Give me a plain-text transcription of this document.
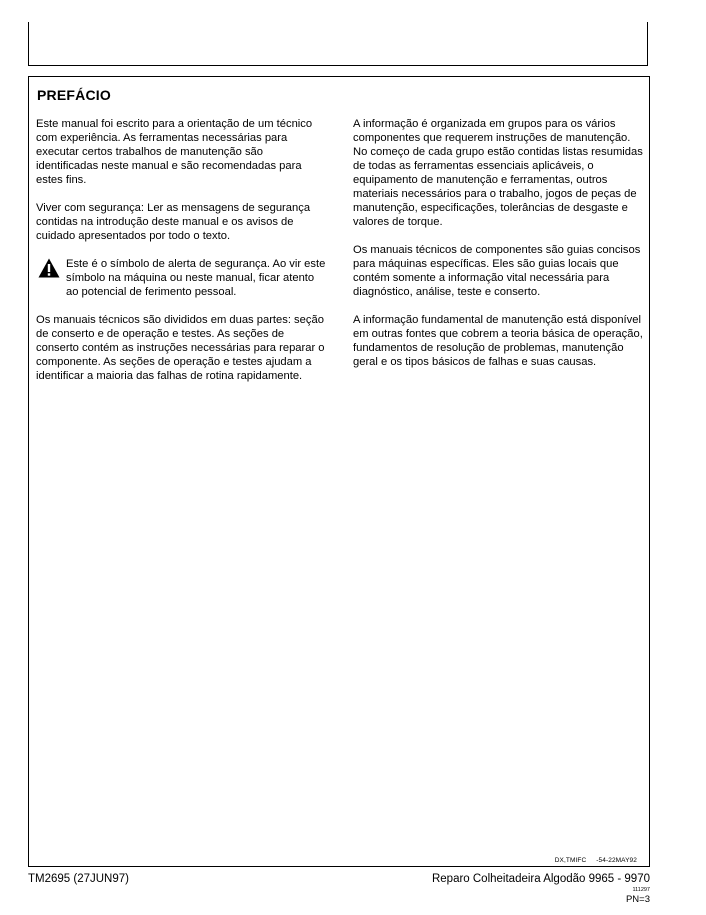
PREFÁCIO

Este manual foi escrito para a orientação de um técnico com experiência. As ferramentas necessárias para executar certos trabalhos de manutenção são identificadas neste manual e são recomendadas para estes fins.

Viver com segurança: Ler as mensagens de segurança contidas na introdução deste manual e os avisos de cuidado apresentados por todo o texto.

Este é o símbolo de alerta de segurança. Ao vir este símbolo na máquina ou neste manual, ficar atento ao potencial de ferimento pessoal.

Os manuais técnicos são divididos em duas partes: seção de conserto e de operação e testes. As seções de conserto contém as instruções necessárias para reparar o componente. As seções de operação e testes ajudam a identificar a maioria das falhas de rotina rapidamente.

A informação é organizada em grupos para os vários componentes que requerem instruções de manutenção. No começo de cada grupo estão contidas listas resumidas de todas as ferramentas essenciais aplicáveis, o equipamento de manutenção e ferramentas, outros materiais necessários para o trabalho, jogos de peças de manutenção, especificações, tolerâncias de desgaste e valores de torque.

Os manuais técnicos de componentes são guias concisos para máquinas específicas. Eles são guias locais que contém somente a informação vital necessária para diagnóstico, análise, teste e conserto.

A informação fundamental de manutenção está disponível em outras fontes que cobrem a teoria básica de operação, fundamentos de resolução de problemas, manutenção geral e os tipos básicos de falhas e suas causas.

DX,TMIFC -54-22MAY92
TM2695 (27JUN97)	Reparo Colheitadeira Algodão 9965 - 9970
111297
PN=3
